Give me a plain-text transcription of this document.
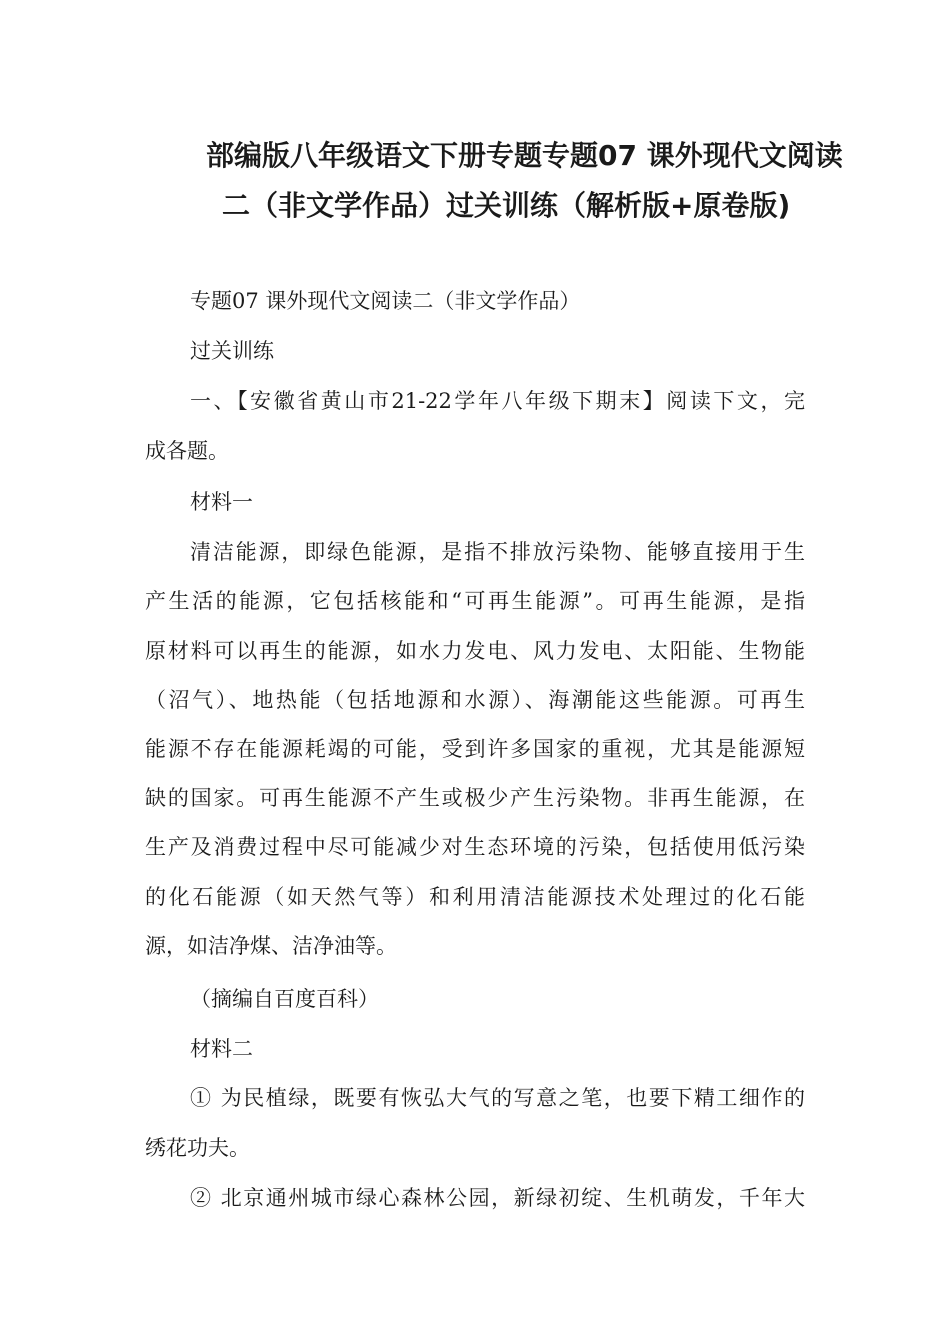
部编版八年级语文下册专题专题07 课外现代文阅读
二（非文学作品）过关训练（解析版+原卷版)
专题07 课外现代文阅读二（非文学作品）
过关训练
一、【安徽省黄山市21-22学年八年级下期末】阅读下文，完
成各题。
材料一
清洁能源，即绿色能源，是指不排放污染物、能够直接用于生
产生活的能源，它包括核能和“可再生能源”。可再生能源，是指
原材料可以再生的能源，如水力发电、风力发电、太阳能、生物能
（沼气）、地热能（包括地源和水源）、海潮能这些能源。可再生
能源不存在能源耗竭的可能，受到许多国家的重视，尤其是能源短
缺的国家。可再生能源不产生或极少产生污染物。非再生能源，在
生产及消费过程中尽可能减少对生态环境的污染，包括使用低污染
的化石能源（如天然气等）和利用清洁能源技术处理过的化石能
源，如洁净煤、洁净油等。
（摘编自百度百科）
材料二
① 为民植绿，既要有恢弘大气的写意之笔，也要下精工细作的
绣花功夫。
② 北京通州城市绿心森林公园，新绿初绽、生机萌发，千年大
